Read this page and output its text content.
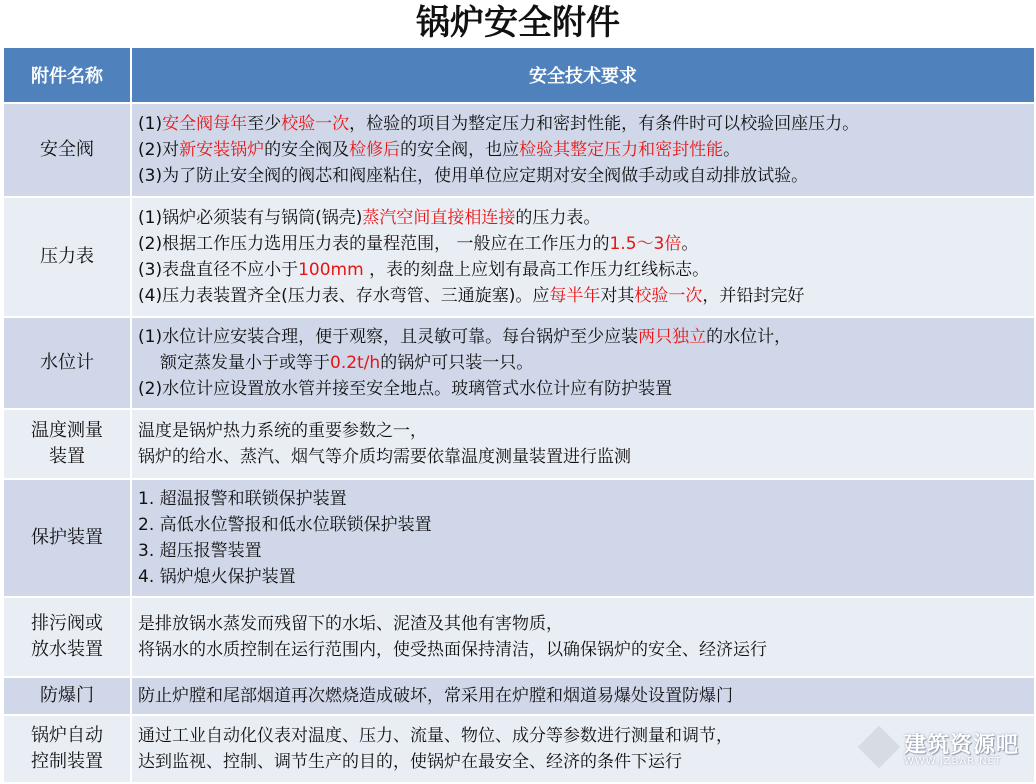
锅炉安全附件
附件名称	安全技术要求

安全阀	(1)安全阀每年至少校验一次，检验的项目为整定压力和密封性能，有条件时可以校验回座压力。
(2)对新安装锅炉的安全阀及检修后的安全阀，也应检验其整定压力和密封性能。
(3)为了防止安全阀的阀芯和阀座粘住，使用单位应定期对安全阀做手动或自动排放试验。

压力表	(1)锅炉必须装有与锅筒(锅壳)蒸汽空间直接相连接的压力表。
(2)根据工作压力选用压力表的量程范围， 一般应在工作压力的1.5～3倍。
(3)表盘直径不应小于100mm ，表的刻盘上应划有最高工作压力红线标志。
(4)压力表装置齐全(压力表、存水弯管、三通旋塞)。应每半年对其校验一次，并铅封完好

水位计	(1)水位计应安装合理，便于观察，且灵敏可靠。每台锅炉至少应装两只独立的水位计，
额定蒸发量小于或等于0.2t/h的锅炉可只装一只。
(2)水位计应设置放水管并接至安全地点。玻璃管式水位计应有防护装置

温度测量
装置	温度是锅炉热力系统的重要参数之一，
锅炉的给水、蒸汽、烟气等介质均需要依靠温度测量装置进行监测

保护装置	1. 超温报警和联锁保护装置
2. 高低水位警报和低水位联锁保护装置
3. 超压报警装置
4. 锅炉熄火保护装置

排污阀或
放水装置	是排放锅水蒸发而残留下的水垢、泥渣及其他有害物质，
将锅水的水质控制在运行范围内，使受热面保持清洁，以确保锅炉的安全、经济运行

防爆门	防止炉膛和尾部烟道再次燃烧造成破坏，常采用在炉膛和烟道易爆处设置防爆门

锅炉自动
控制装置	通过工业自动化仪表对温度、压力、流量、物位、成分等参数进行测量和调节，
达到监视、控制、调节生产的目的，使锅炉在最安全、经济的条件下运行
建筑资源吧
WWW.JZBAR.NET
